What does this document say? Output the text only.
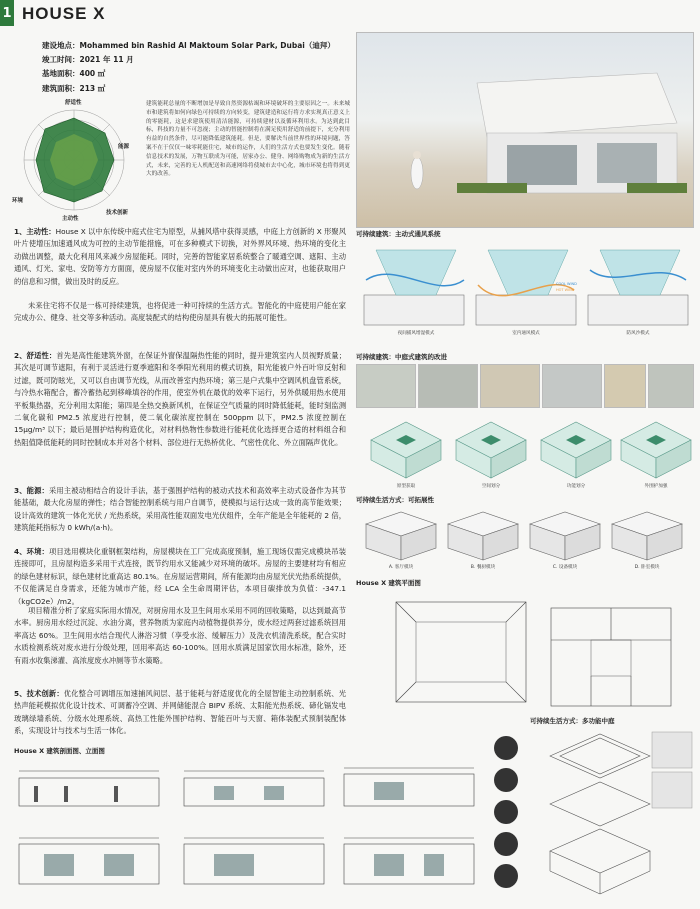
1 HOUSE X
建设地点：Mohammed bin Rashid Al Maktoum Solar Park, Dubai（迪拜）
竣工时间：2021 年 11 月
基地面积：400 ㎡
建筑面积：213 ㎡
舒适性
能源
技术创新
环境
主动性
建筑能耗总量的不断增加是导致自然资源枯竭和环境破坏的主要原因之一。未来城市和建筑将如何向绿色可持续的方向转变，建筑建造和运行将方求实现真正意义上的零能耗，这是求建筑使用清洁能源，可持续建材以及循环利用水。为达到此目标，科技的力量不可忽视；主动的智能控制将在满足使用舒适的前提下，充分利用有益的自然条件，尽可能降低建筑能耗。但是，要解决当前世界性的环境问题，答案不在于仅仅一味零耗能住宅，城市的运作，人们的生活方式也要发生变化。随着信息技术的发展，万物互联成为可能，居家办公、健身、网络购物成为新的生活方式，未来，完善的无人机配送和高速网络将使城市去中心化，城市环境也将得到更大的改善。
1、主动性：House X 以中东传统中庭式住宅为原型，从捕风塔中获得灵感，中庭上方创新的 X 形聚风叶片使增压加速通风成为可控的主动节能措施，可在多种模式下切换，对外界风环境、热环境的变化主动做出调整，最大化利用风来减少房屋能耗。同时，完善的智能家居系统整合了暖通空调、遮阳、主动通风、灯光、家电、安防等方方面面，使房屋不仅能对室内外的环境变化主动做出应对，也能获取用户的信息和习惯，做出及时的反应。
未来住宅将不仅是一栋可持续建筑，也将促进一种可持续的生活方式。智能化的中庭使用户能在家完成办公、健身、社交等多种活动。高度装配式的结构使房屋具有极大的拓展可能性。
2、舒适性：首先是高性能建筑外窗，在保证外窗保温隔热性能的同时，提升建筑室内人员视野质量；其次是可调节遮阳，有利于灵活进行夏季遮阳和冬季阳光利用的模式切换，阳光能被户外百叶帘反射和过滤，既可防眩光，又可以自由调节光线，从而改善室内热环境；第三是户式集中空调风机盘管系统，与冷热水箱配合，蓄冷蓄热起到移峰填谷的作用，使室外机在最优的效率下运行，另外供暖用热水使用平板集热器，充分利用太阳能；第四是全热交换新风机，在保证空气质量的同时降低能耗，能时刻监测二氧化碳和 PM2.5 浓度进行控制，使二氧化碳浓度控制在 500ppm 以下，PM2.5 浓度控制在 15μg/m³ 以下；最后是围护结构构造优化，对材料热物性参数进行能耗优化选择更合适的材料组合和热阻值降低能耗的同时控制成本并对各个材料、部位进行无热桥优化、气密性优化、外立面隔声优化。
3、能源：采用主被动相结合的设计手法，基于强围护结构的被动式技术和高效率主动式设备作为其节能基础，最大化房屋的弹性；结合智能控制系统与用户自调节，使模拟与运行达成一致的高节能效果；设计高效的建筑一体化光伏 / 光热系统，采用高性能双面发电光伏组件，全年产能是全年能耗的 2 倍，建筑能耗指标为 0 kWh/(a·h)。
4、环境：项目选用模块化重钢框架结构，房屋模块在工厂完成高度预制，施工现场仅需完成模块吊装连接即可，且房屋构造多采用干式连接，既节约用水又能减少对环境的破坏。房屋的主要建材均有相应的绿色建材标识，绿色建材比重高达 80.1%。在房屋运营期间，所有能源均由房屋光伏光热系统提供，不仅能满足自身需求，还能为城市产能，经 LCA 全生命周期评估，本项目碳排放为负值：-347.1（kgCO2e）/m2。
项目精准分析了家庭实际用水情况，对厨房用水及卫生间用水采用不同的回收策略，以达到最高节水率。厨房用水经过沉淀、水油分离，营养物质为家庭内动植物提供养分，废水经过两套过滤系统回用率高达 60%。卫生间用水结合现代人淋浴习惯（享受水浴、缓解压力）及洗衣机清洗系统，配合实时水质检测系统对废水进行分级处理，回用率高达 60-100%。回用水质满足国家饮用水标准，除外，还有雨水收集涕灌、高浓度废水冲厕等节水策略。
5、技术创新：优化整合可调增压加速捕风间层、基于能耗与舒适度优化的全屋智能主动控制系统、光热声能耗模拟优化设计技术、可调蓄冷空调、并网储能混合 BIPV 系统、太阳能光热系统、碲化镉发电玻璃绿墙系统、分级水处理系统、高热工性能外围护结构、智能百叶与天窗、箱体装配式预制装配体系，实现设计与技术与生活一体化。
可持续建筑：主动式通风系统
COOL WIND
HOT WIND
夜间捕风增湿模式	室内通风模式	防风沙模式
可持续建筑：中庭式建筑的改进
原型获取	空间划分	功能划分	外围护加强
可持续生活方式：可拓展性
A. 客厅模块	B. 餐厨模块	C. 设备模块	D. 卧室模块
House X 建筑平面图
House X 建筑剖面图、立面图
可持续生活方式：多功能中庭
